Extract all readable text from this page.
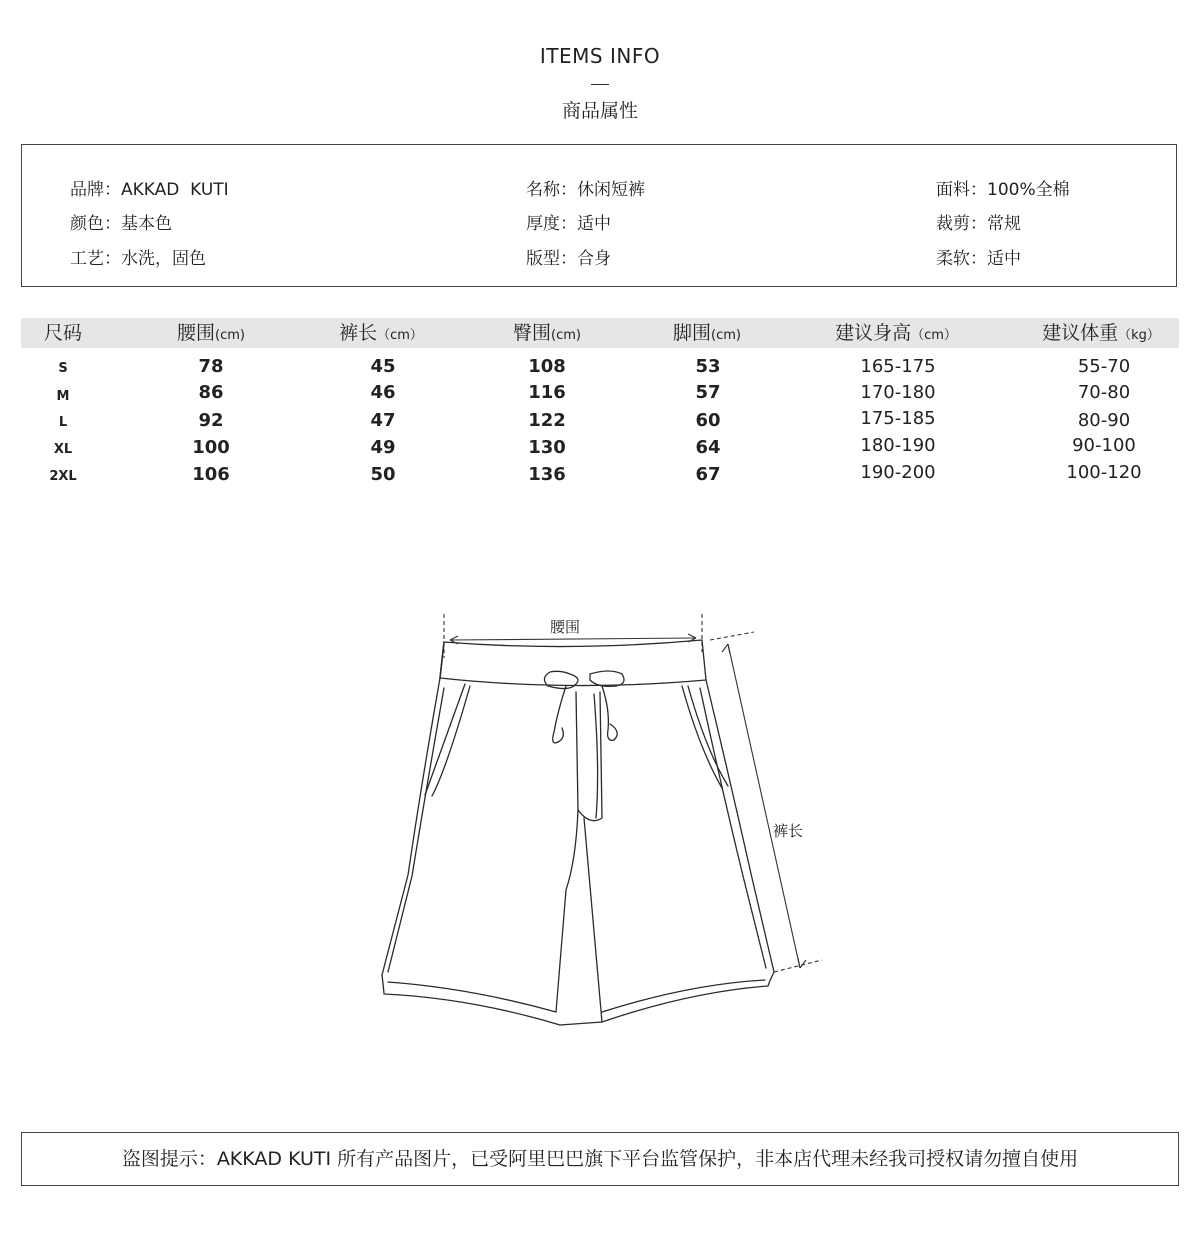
ITEMS INFO
商品属性
品牌：AKKAD  KUTI	名称：休闲短裤	面料：100%全棉
颜色：基本色	厚度：适中	裁剪：常规
工艺：水洗，固色	版型：合身	柔软：适中
尺码	腰围(cm)	裤长（cm）	臀围(cm)	脚围(cm)	建议身高（cm）	建议体重（kg）
S	78	45	108	53	165-175	55-70
M	86	46	116	57	170-180	70-80
L	92	47	122	60	175-185	80-90
XL	100	49	130	64	180-190	90-100
2XL	106	50	136	67	190-200	100-120
腰围
裤长
盗图提示：AKKAD KUTI 所有产品图片，已受阿里巴巴旗下平台监管保护，非本店代理未经我司授权请勿擅自使用
